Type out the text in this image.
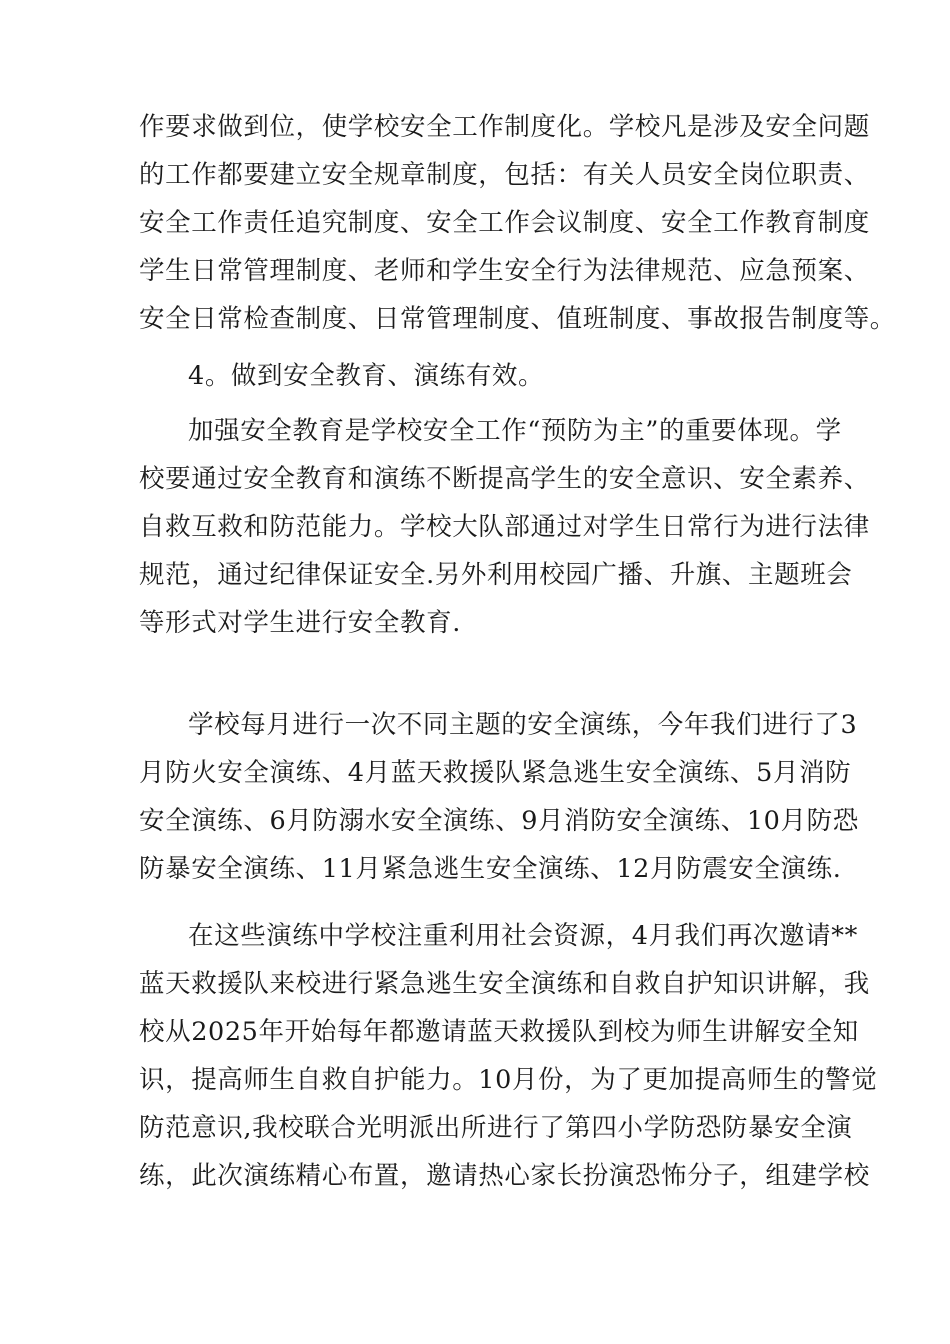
作要求做到位，使学校安全工作制度化。学校凡是涉及安全问题
的工作都要建立安全规章制度，包括：有关人员安全岗位职责、
安全工作责任追究制度、安全工作会议制度、安全工作教育制度
学生日常管理制度、老师和学生安全行为法律规范、应急预案、
安全日常检查制度、日常管理制度、值班制度、事故报告制度等。
4。做到安全教育、演练有效。
加强安全教育是学校安全工作“预防为主”的重要体现。学
校要通过安全教育和演练不断提高学生的安全意识、安全素养、
自救互救和防范能力。学校大队部通过对学生日常行为进行法律
规范，通过纪律保证安全.另外利用校园广播、升旗、主题班会
等形式对学生进行安全教育.
学校每月进行一次不同主题的安全演练，今年我们进行了3
月防火安全演练、4月蓝天救援队紧急逃生安全演练、5月消防
安全演练、6月防溺水安全演练、9月消防安全演练、10月防恐
防暴安全演练、11月紧急逃生安全演练、12月防震安全演练.
在这些演练中学校注重利用社会资源，4月我们再次邀请**
蓝天救援队来校进行紧急逃生安全演练和自救自护知识讲解，我
校从2025年开始每年都邀请蓝天救援队到校为师生讲解安全知
识，提高师生自救自护能力。10月份，为了更加提高师生的警觉
防范意识,我校联合光明派出所进行了第四小学防恐防暴安全演
练，此次演练精心布置，邀请热心家长扮演恐怖分子，组建学校
